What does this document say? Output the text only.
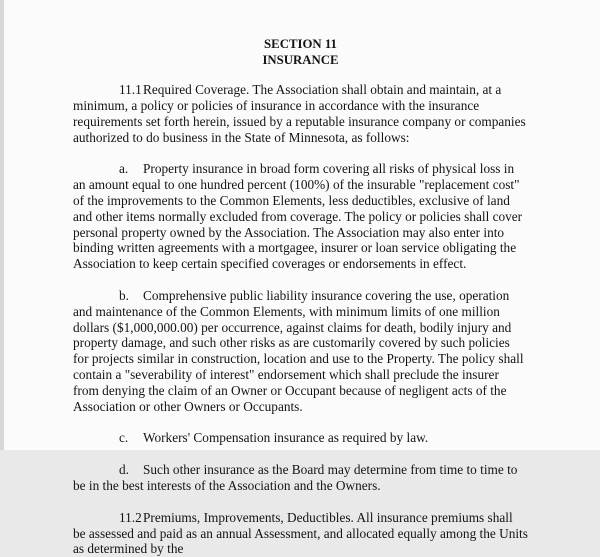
SECTION 11

INSURANCE

11.1Required Coverage. The Association shall obtain and maintain, at a minimum, a policy or policies of insurance in accordance with the insurance requirements set forth herein, issued by a reputable insurance company or companies authorized to do business in the State of Minnesota, as follows:

a. Property insurance in broad form covering all risks of physical loss in an amount equal to one hundred percent (100%) of the insurable "replacement cost" of the improvements to the Common Elements, less deductibles, exclusive of land and other items normally excluded from coverage. The policy or policies shall cover personal property owned by the Association. The Association may also enter into binding written agreements with a mortgagee, insurer or loan service obligating the Association to keep certain specified coverages or endorsements in effect.

b. Comprehensive public liability insurance covering the use, operation and maintenance of the Common Elements, with minimum limits of one million dollars ($1,000,000.00) per occurrence, against claims for death, bodily injury and property damage, and such other risks as are customarily covered by such policies for projects similar in construction, location and use to the Property. The policy shall contain a "severability of interest" endorsement which shall preclude the insurer from denying the claim of an Owner or Occupant because of negligent acts of the Association or other Owners or Occupants.

c. Workers' Compensation insurance as required by law.

d. Such other insurance as the Board may determine from time to time to be in the best interests of the Association and the Owners.

11.2Premiums, Improvements, Deductibles. All insurance premiums shall be assessed and paid as an annual Assessment, and allocated equally among the Units as determined by the
